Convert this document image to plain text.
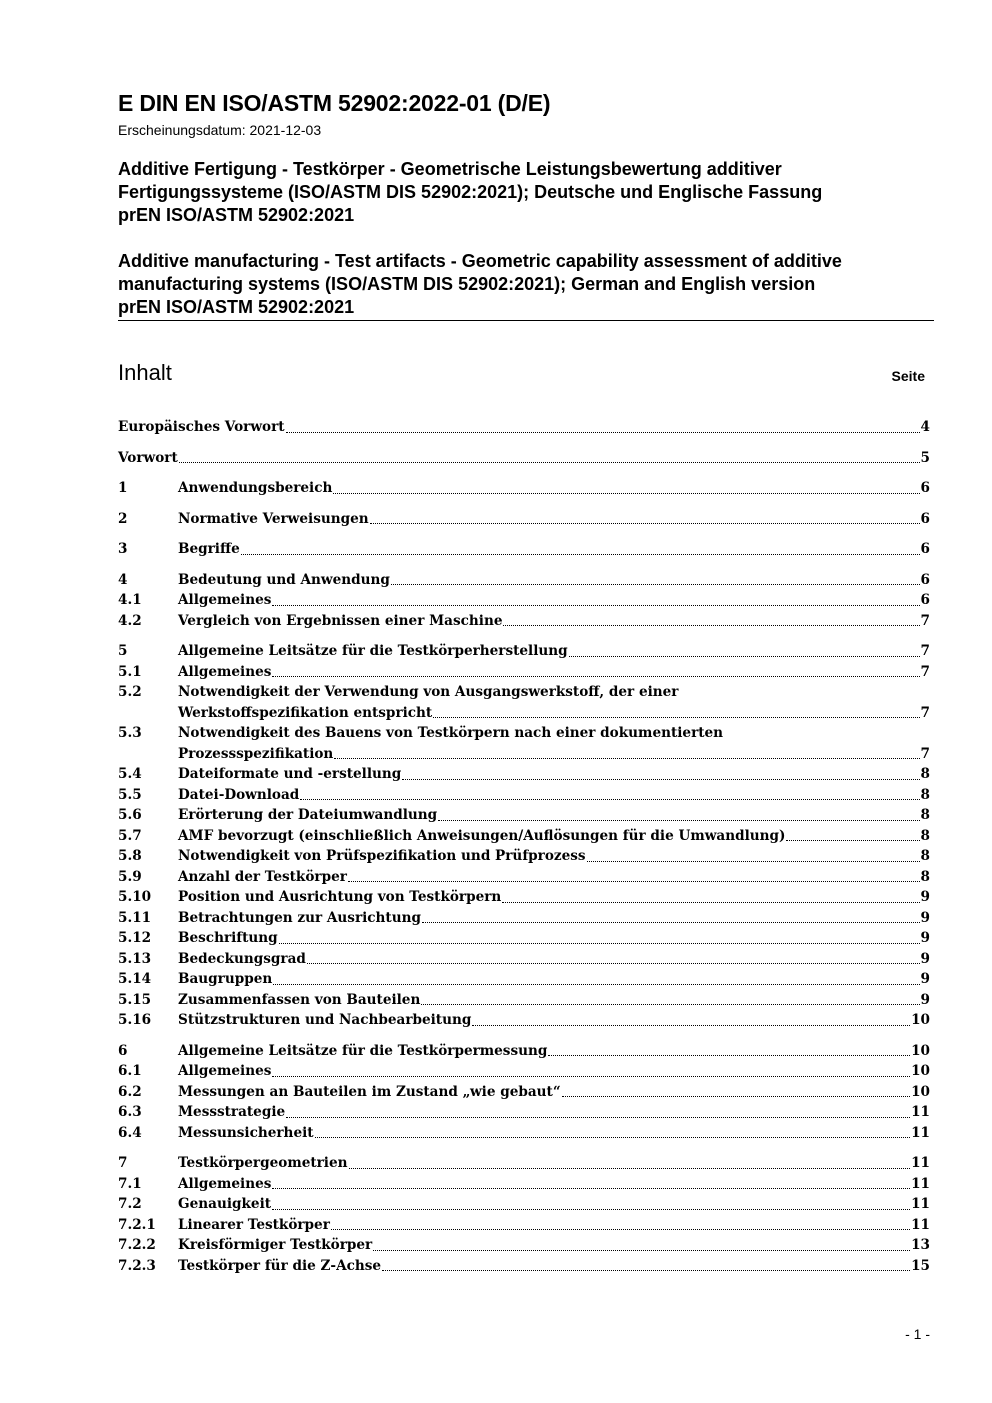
E DIN EN ISO/ASTM 52902:2022-01 (D/E)
Erscheinungsdatum: 2021-12-03
Additive Fertigung - Testkörper - Geometrische Leistungsbewertung additiver
Fertigungssysteme (ISO/ASTM DIS 52902:2021); Deutsche und Englische Fassung
prEN ISO/ASTM 52902:2021
Additive manufacturing - Test artifacts - Geometric capability assessment of additive
manufacturing systems (ISO/ASTM DIS 52902:2021); German and English version
prEN ISO/ASTM 52902:2021
Inhalt	Seite
Europäisches Vorwort	4
Vorwort	5
1	Anwendungsbereich	6
2	Normative Verweisungen	6
3	Begriffe	6
4	Bedeutung und Anwendung	6
4.1	Allgemeines	6
4.2	Vergleich von Ergebnissen einer Maschine	7
5	Allgemeine Leitsätze für die Testkörperherstellung	7
5.1	Allgemeines	7
5.2	Notwendigkeit der Verwendung von Ausgangswerkstoff, der einer
Werkstoffspezifikation entspricht	7
5.3	Notwendigkeit des Bauens von Testkörpern nach einer dokumentierten
Prozessspezifikation	7
5.4	Dateiformate und -erstellung	8
5.5	Datei-Download	8
5.6	Erörterung der Dateiumwandlung	8
5.7	AMF bevorzugt (einschließlich Anweisungen/Auflösungen für die Umwandlung)	8
5.8	Notwendigkeit von Prüfspezifikation und Prüfprozess	8
5.9	Anzahl der Testkörper	8
5.10	Position und Ausrichtung von Testkörpern	9
5.11	Betrachtungen zur Ausrichtung	9
5.12	Beschriftung	9
5.13	Bedeckungsgrad	9
5.14	Baugruppen	9
5.15	Zusammenfassen von Bauteilen	9
5.16	Stützstrukturen und Nachbearbeitung	10
6	Allgemeine Leitsätze für die Testkörpermessung	10
6.1	Allgemeines	10
6.2	Messungen an Bauteilen im Zustand „wie gebaut“	10
6.3	Messstrategie	11
6.4	Messunsicherheit	11
7	Testkörpergeometrien	11
7.1	Allgemeines	11
7.2	Genauigkeit	11
7.2.1	Linearer Testkörper	11
7.2.2	Kreisförmiger Testkörper	13
7.2.3	Testkörper für die Z-Achse	15
- 1 -
